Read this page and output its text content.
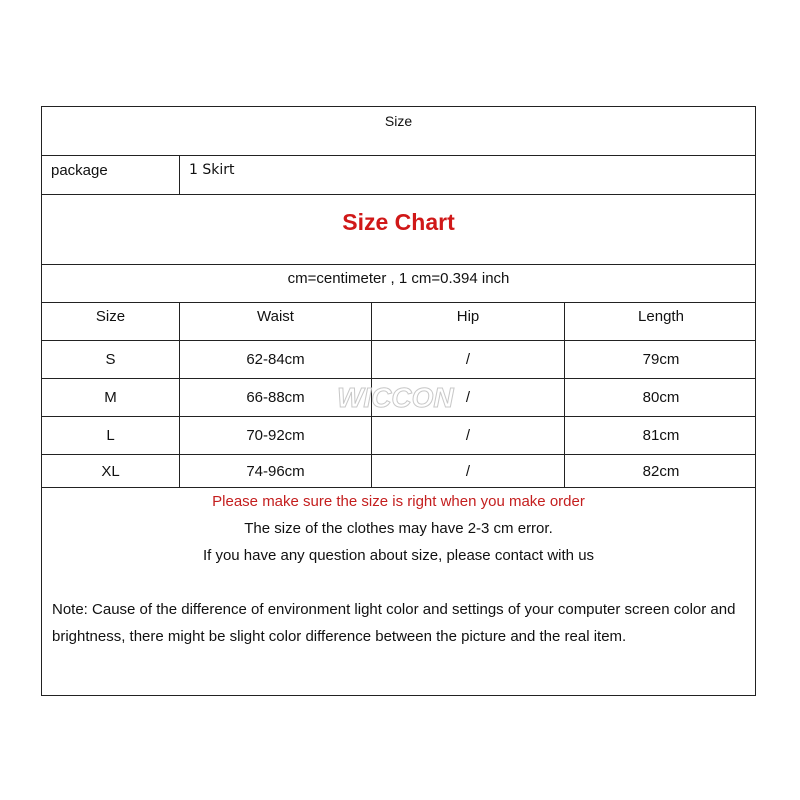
Size
package	1 Skirt
Size Chart
cm=centimeter , 1 cm=0.394 inch
Size	Waist	Hip	Length
S	62-84cm	/	79cm
M	66-88cm	/	80cm
L	70-92cm	/	81cm
XL	74-96cm	/	82cm
WICCON
Please make sure the size is right when you make order
The size of the clothes may have 2-3 cm error.
If you have any question about size, please contact with us
Note: Cause of the difference of environment light color and settings of your computer screen color and brightness, there might be slight color difference between the picture and the real item.
